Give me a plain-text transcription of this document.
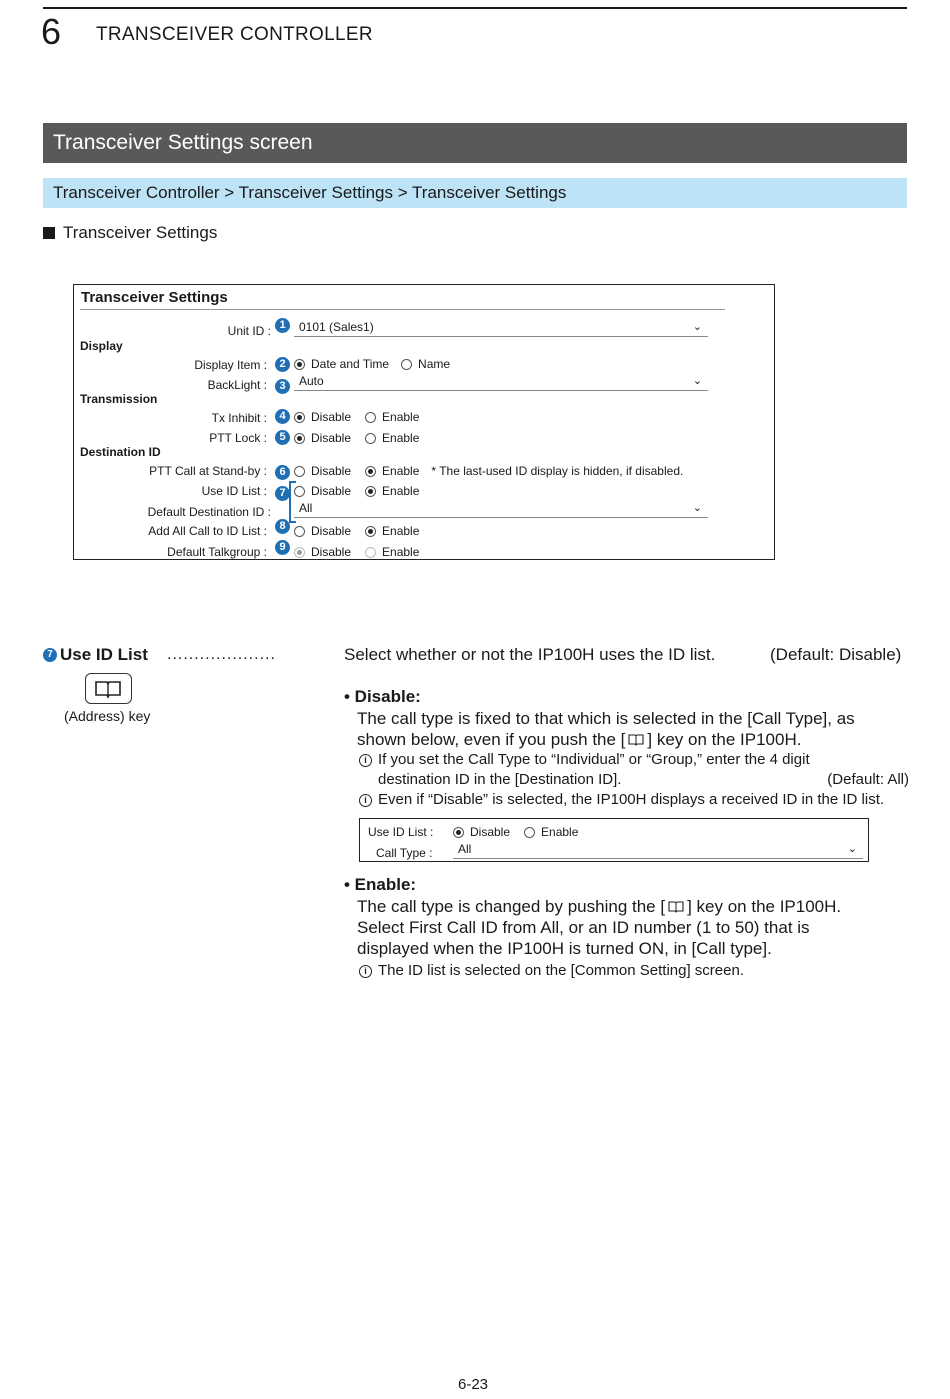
6 TRANSCEIVER CONTROLLER
Transceiver Settings screen
Transceiver Controller > Transceiver Settings > Transceiver Settings
Transceiver Settings
Transceiver Settings
Display
Transmission
Destination ID
Unit ID : 1	0101 (Sales1)	⌄
Display Item :	2	Date and Time Name
BackLight :	3	Auto	⌄
Tx Inhibit :	4	Disable	Enable
PTT Lock :	5	Disable	Enable
PTT Call at Stand-by :	6	Disable	Enable * The last-used ID display is hidden, if disabled.
Use ID List :	7	Disable	Enable
Default Destination ID : All	⌄
Add All Call to ID List :	8	Disable	Enable
Default Talkgroup :	9	Disable	Enable
7 Use ID List ....................	Select whether or not the IP100H uses the ID list.	(Default: Disable)
(Address) key
• Disable:
The call type is fixed to that which is selected in the [Call Type], as
shown below, even if you push the [ ] key on the IP100H.
i If you set the Call Type to “Individual” or “Group,” enter the 4 digit
destination ID in the [Destination ID].	(Default: All)
i Even if “Disable” is selected, the IP100H displays a received ID in the ID list.
Use ID List :	Disable	Enable
Call Type : All	⌄
• Enable:
The call type is changed by pushing the [ ] key on the IP100H.
Select First Call ID from All, or an ID number (1 to 50) that is
displayed when the IP100H is turned ON, in [Call type].
i The ID list is selected on the [Common Setting] screen.
6-23
